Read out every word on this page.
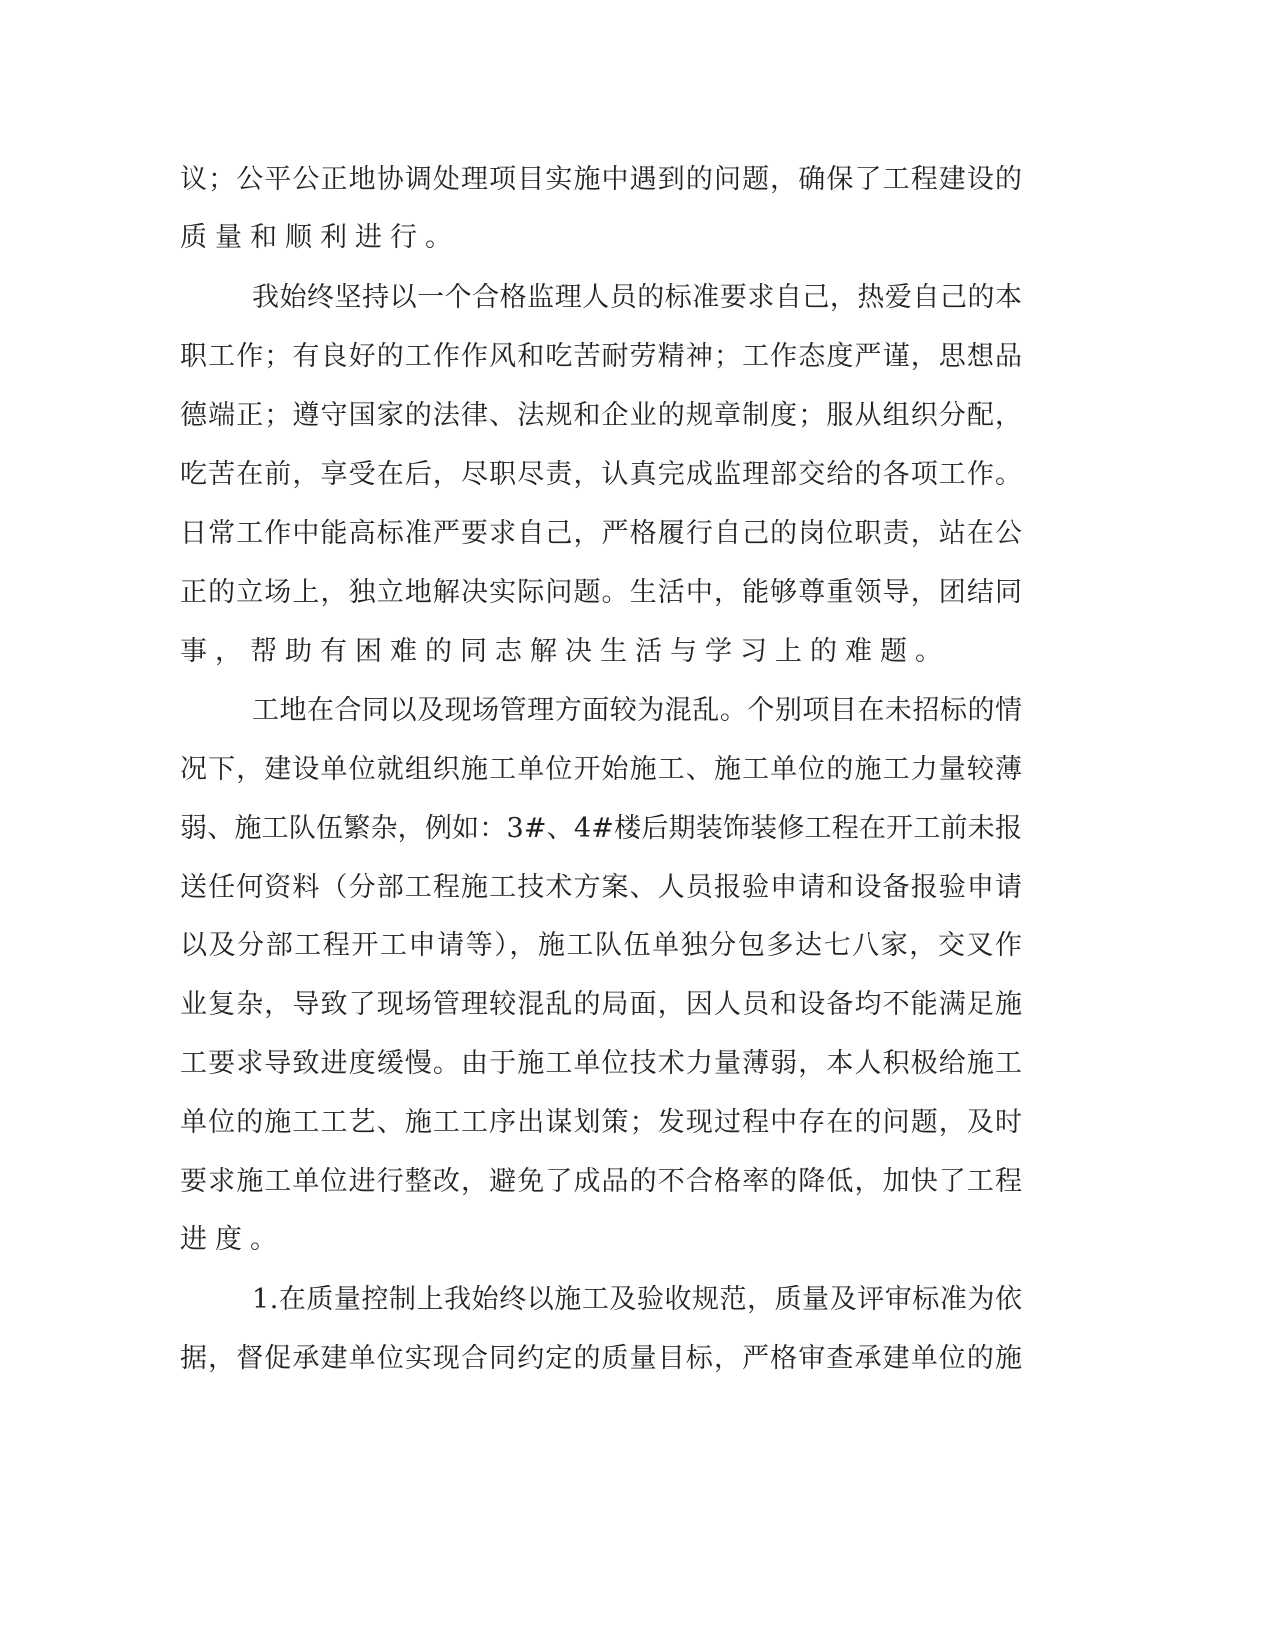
议；公平公正地协调处理项目实施中遇到的问题，确保了工程建设的

质量和顺利进行。

我始终坚持以一个合格监理人员的标准要求自己，热爱自己的本

职工作；有良好的工作作风和吃苦耐劳精神；工作态度严谨，思想品

德端正；遵守国家的法律、法规和企业的规章制度；服从组织分配，

吃苦在前，享受在后，尽职尽责，认真完成监理部交给的各项工作。

日常工作中能高标准严要求自己，严格履行自己的岗位职责，站在公

正的立场上，独立地解决实际问题。生活中，能够尊重领导，团结同

事，帮助有困难的同志解决生活与学习上的难题。

工地在合同以及现场管理方面较为混乱。个别项目在未招标的情

况下，建设单位就组织施工单位开始施工、施工单位的施工力量较薄

弱、施工队伍繁杂，例如：3#、4#楼后期装饰装修工程在开工前未报

送任何资料（分部工程施工技术方案、人员报验申请和设备报验申请

以及分部工程开工申请等），施工队伍单独分包多达七八家，交叉作

业复杂，导致了现场管理较混乱的局面，因人员和设备均不能满足施

工要求导致进度缓慢。由于施工单位技术力量薄弱，本人积极给施工

单位的施工工艺、施工工序出谋划策；发现过程中存在的问题，及时

要求施工单位进行整改，避免了成品的不合格率的降低，加快了工程

进度。

1.在质量控制上我始终以施工及验收规范，质量及评审标准为依

据，督促承建单位实现合同约定的质量目标，严格审查承建单位的施
